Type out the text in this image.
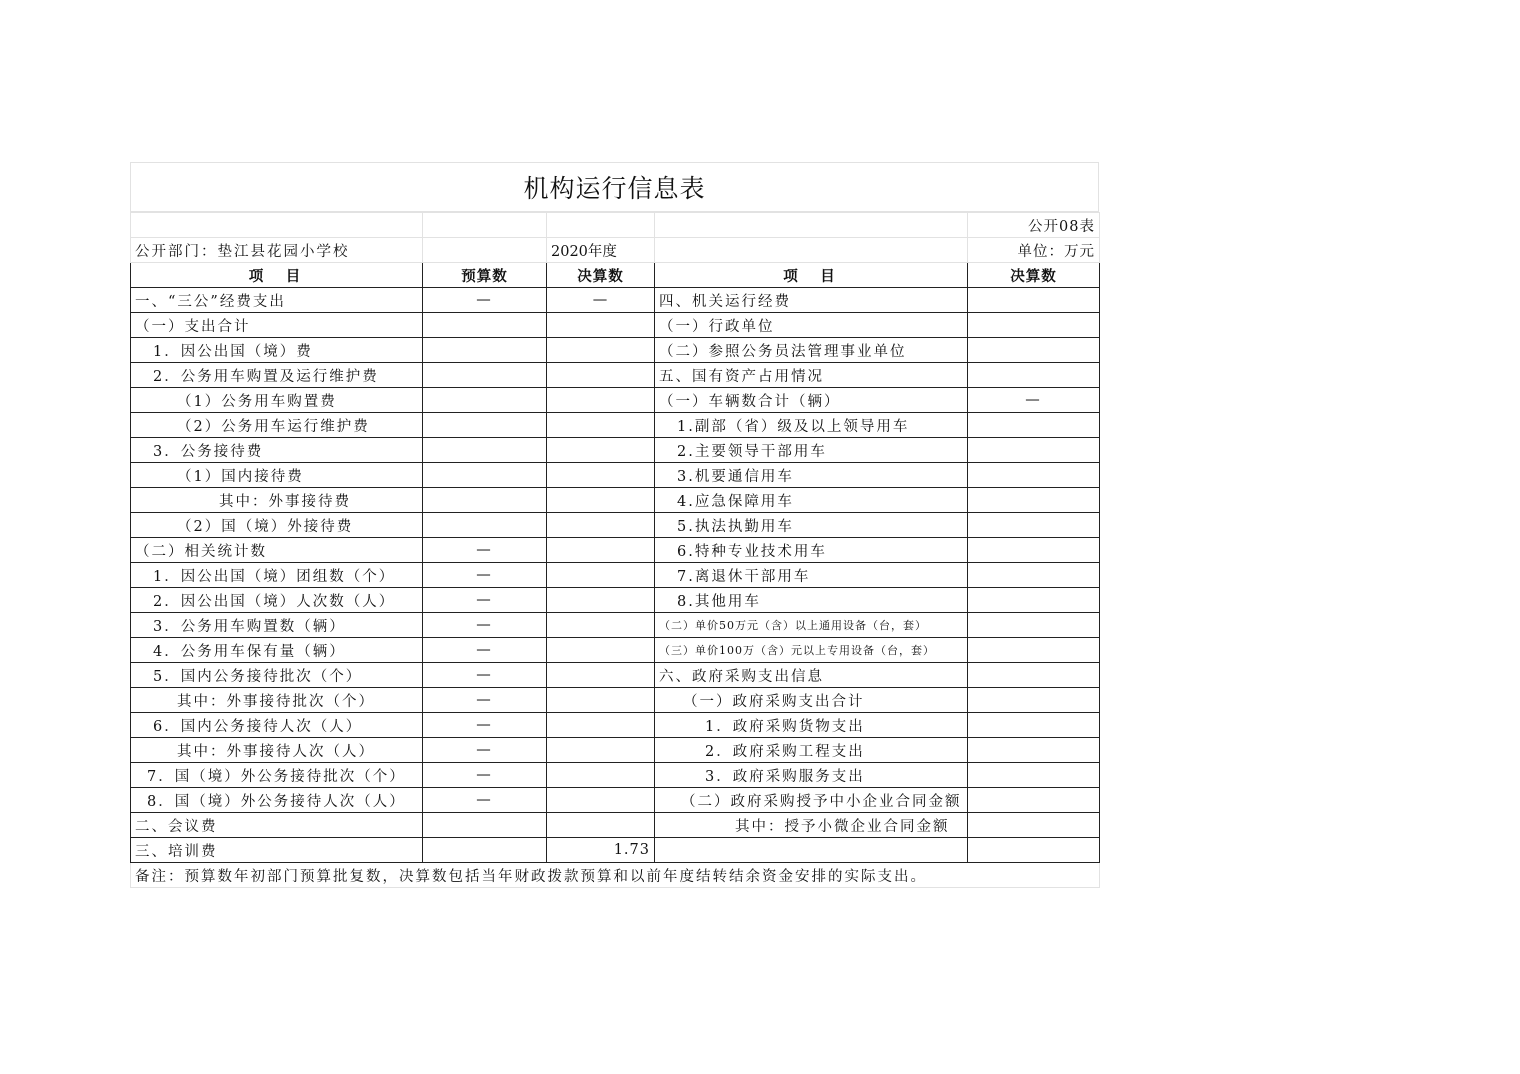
机构运行信息表
				公开08表
公开部门：垫江县花园小学校		2020年度		单位：万元
项　目	预算数	决算数	项　目	决算数
一、“三公”经费支出	—	—	四、机关运行经费	
（一）支出合计			（一）行政单位	
1．因公出国（境）费			（二）参照公务员法管理事业单位	
2．公务用车购置及运行维护费			五、国有资产占用情况	
（1）公务用车购置费			（一）车辆数合计（辆）	—
（2）公务用车运行维护费			1.副部（省）级及以上领导用车	
3．公务接待费			2.主要领导干部用车	
（1）国内接待费			3.机要通信用车	
其中：外事接待费			4.应急保障用车	
（2）国（境）外接待费			5.执法执勤用车	
（二）相关统计数	—		6.特种专业技术用车	
1．因公出国（境）团组数（个）	—		7.离退休干部用车	
2．因公出国（境）人次数（人）	—		8.其他用车	
3．公务用车购置数（辆）	—		（二）单价50万元（含）以上通用设备（台，套）	
4．公务用车保有量（辆）	—		（三）单价100万（含）元以上专用设备（台，套）	
5．国内公务接待批次（个）	—		六、政府采购支出信息	
其中：外事接待批次（个）	—		（一）政府采购支出合计	
6．国内公务接待人次（人）	—		1．政府采购货物支出	
其中：外事接待人次（人）	—		2．政府采购工程支出	
7．国（境）外公务接待批次（个）	—		3．政府采购服务支出	
8．国（境）外公务接待人次（人）	—		（二）政府采购授予中小企业合同金额	
二、会议费			其中：授予小微企业合同金额	
三、培训费		1.73		
备注：预算数年初部门预算批复数，决算数包括当年财政拨款预算和以前年度结转结余资金安排的实际支出。				
